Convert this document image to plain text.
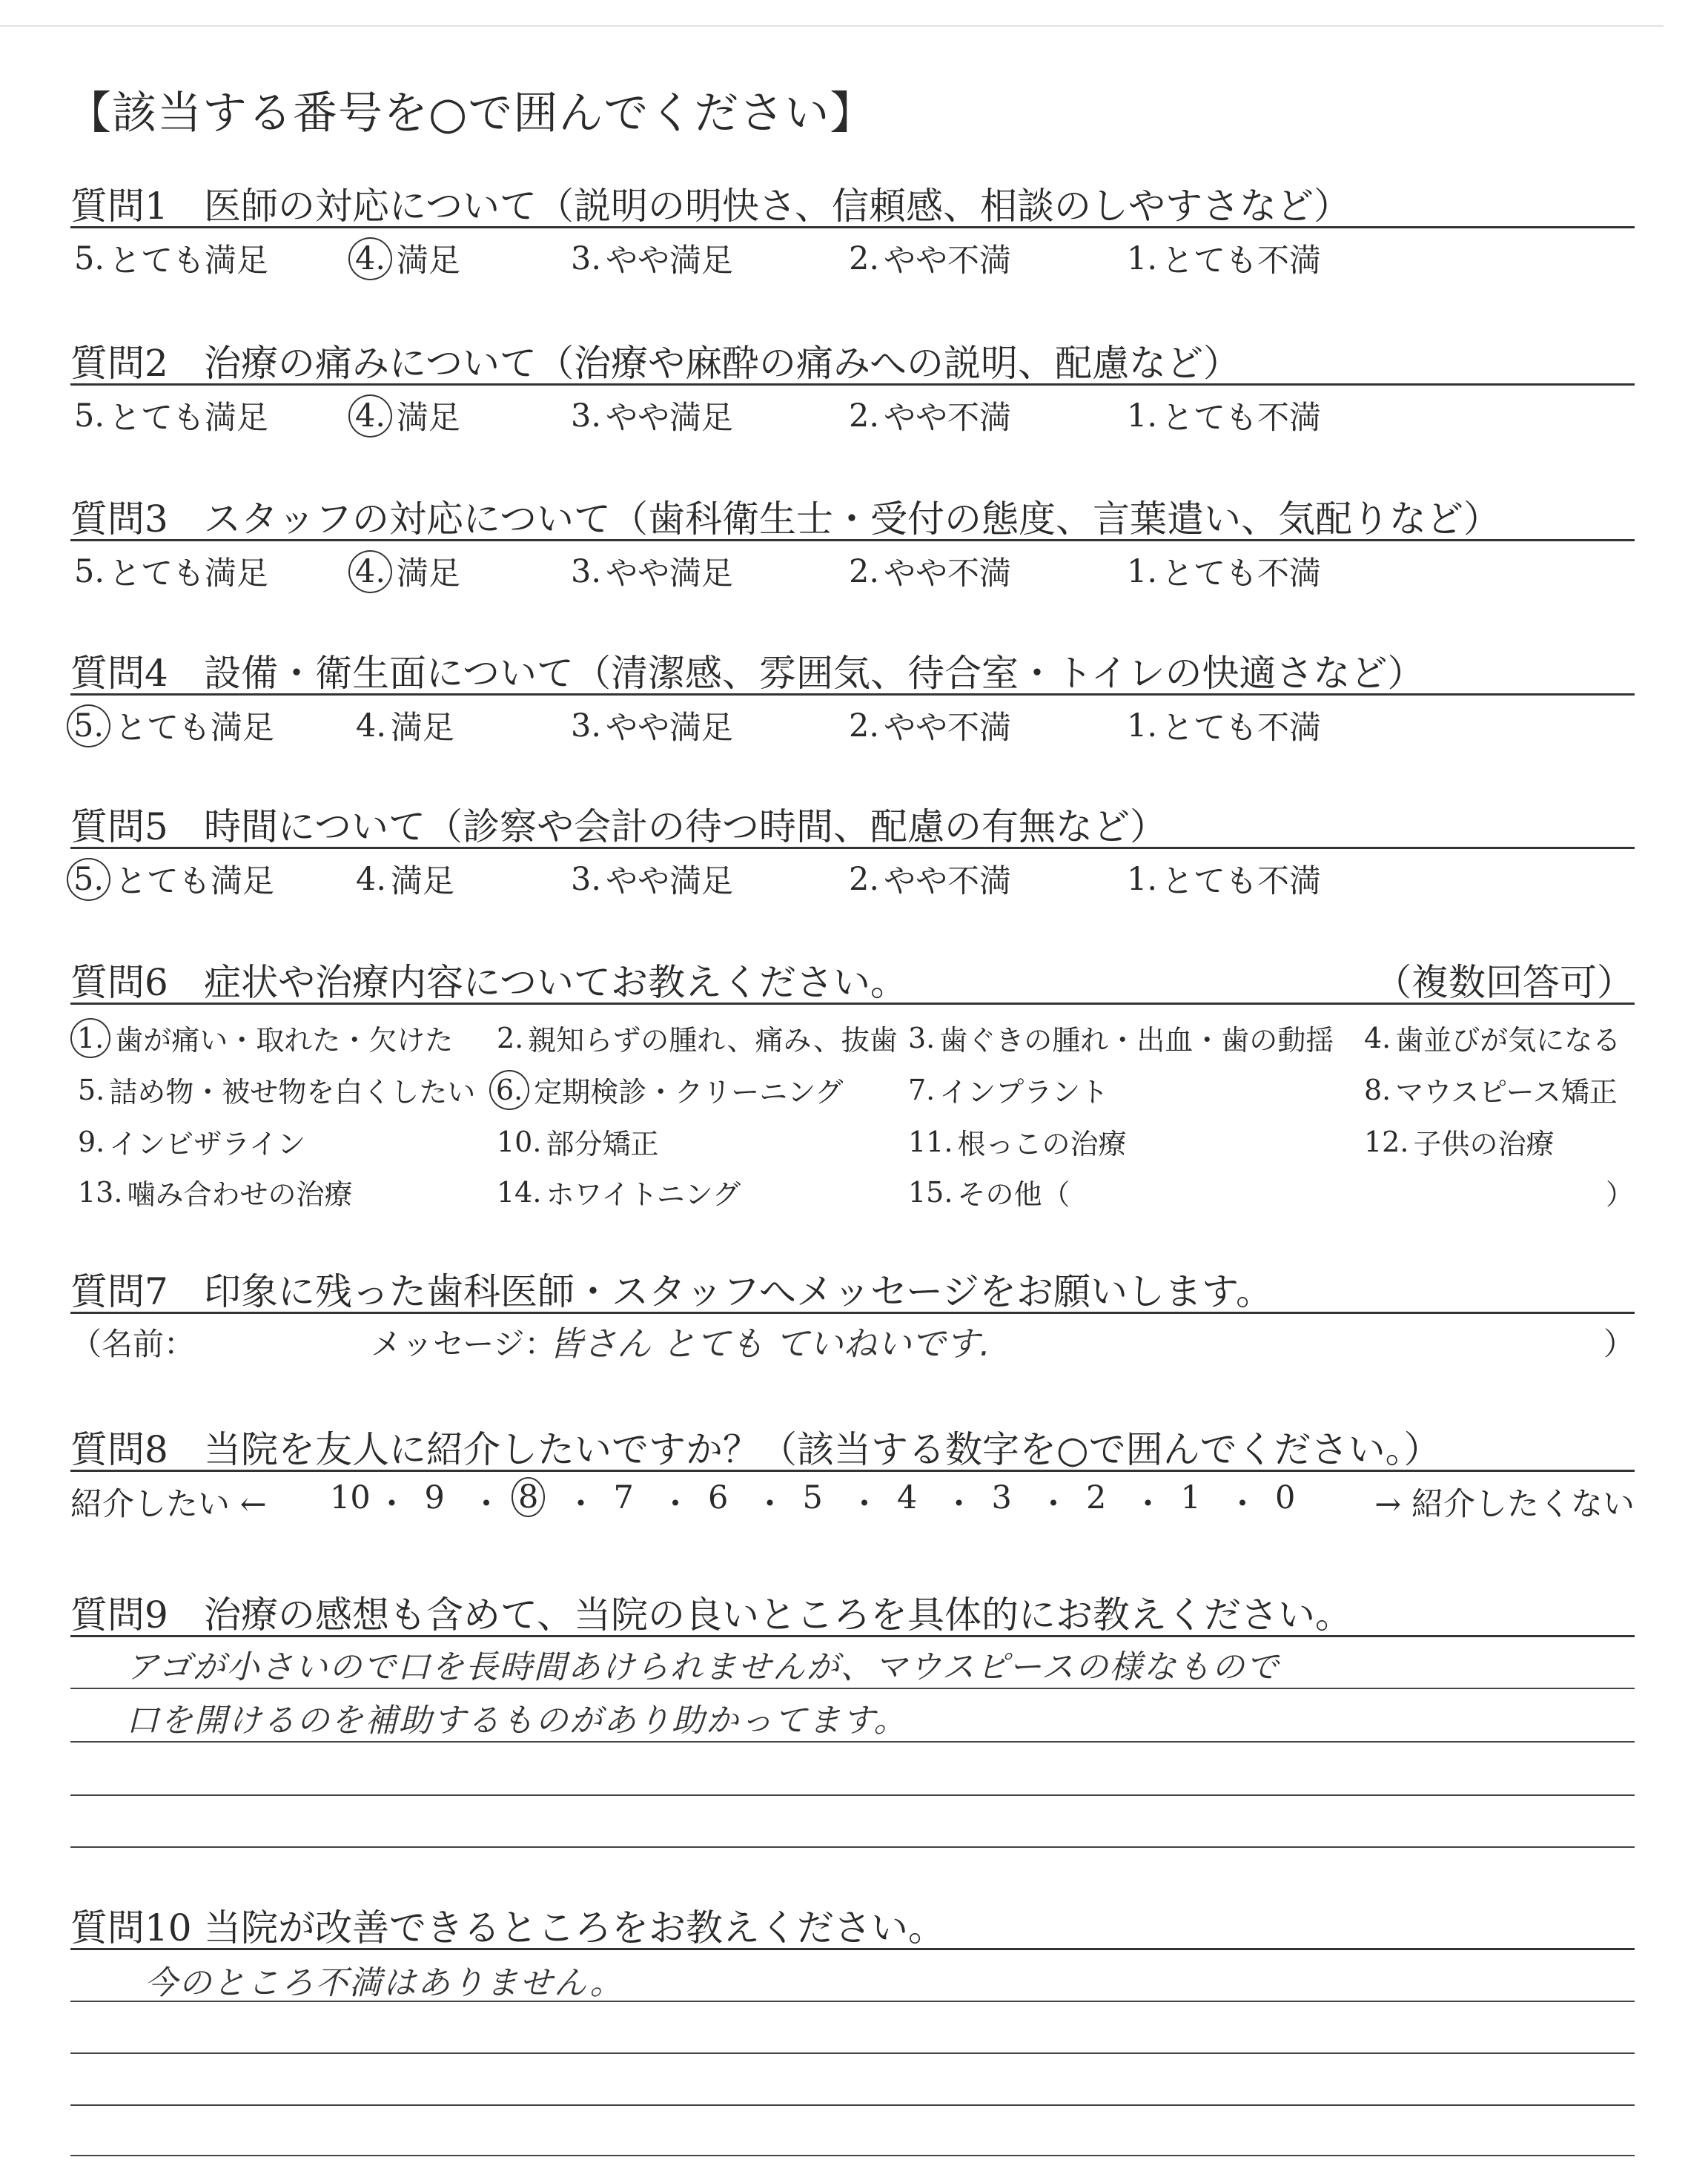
【該当する番号を○で囲んでください】
質問1 医師の対応について（説明の明快さ、信頼感、相談のしやすさなど）
5. とても満足	4. 満足	3. やや満足	2. やや不満	1. とても不満
質問2 治療の痛みについて（治療や麻酔の痛みへの説明、配慮など）
5. とても満足	4. 満足	3. やや満足	2. やや不満	1. とても不満
質問3 スタッフの対応について（歯科衛生士・受付の態度、言葉遣い、気配りなど）
5. とても満足	4. 満足	3. やや満足	2. やや不満	1. とても不満
質問4 設備・衛生面について（清潔感、雰囲気、待合室・トイレの快適さなど）
5. とても満足	4. 満足	3. やや満足	2. やや不満	1. とても不満
質問5 時間について（診察や会計の待つ時間、配慮の有無など）
5. とても満足	4. 満足	3. やや満足	2. やや不満	1. とても不満
質問6 症状や治療内容についてお教えください。	（複数回答可）
1. 歯が痛い・取れた・欠けた 2. 親知らずの腫れ、痛み、抜歯 3. 歯ぐきの腫れ・出血・歯の動揺 4. 歯並びが気になる
5. 詰め物・被せ物を白くしたい 6. 定期検診・クリーニング 7. インプラント	8. マウスピース矯正
9. インビザライン	10. 部分矯正	11. 根っこの治療	12. 子供の治療
13. 噛み合わせの治療	14. ホワイトニング	15. その他（	）
質問7 印象に残った歯科医師・スタッフへメッセージをお願いします。
（名前：	メッセージ：
皆さん とても ていねいです.	）
質問8 当院を友人に紹介したいですか？（該当する数字を○で囲んでください。）
紹介したい ←	→ 紹介したくない
10 ・ 9 ・ 8 ・ 7 ・ 6 ・ 5 ・ 4 ・ 3 ・ 2 ・ 1 ・ 0
質問9 治療の感想も含めて、当院の良いところを具体的にお教えください。
アゴが小さいので口を長時間あけられませんが、マウスピースの様なもので
口を開けるのを補助するものがあり助かってます。
質問10 当院が改善できるところをお教えください。
今のところ不満はありません。
